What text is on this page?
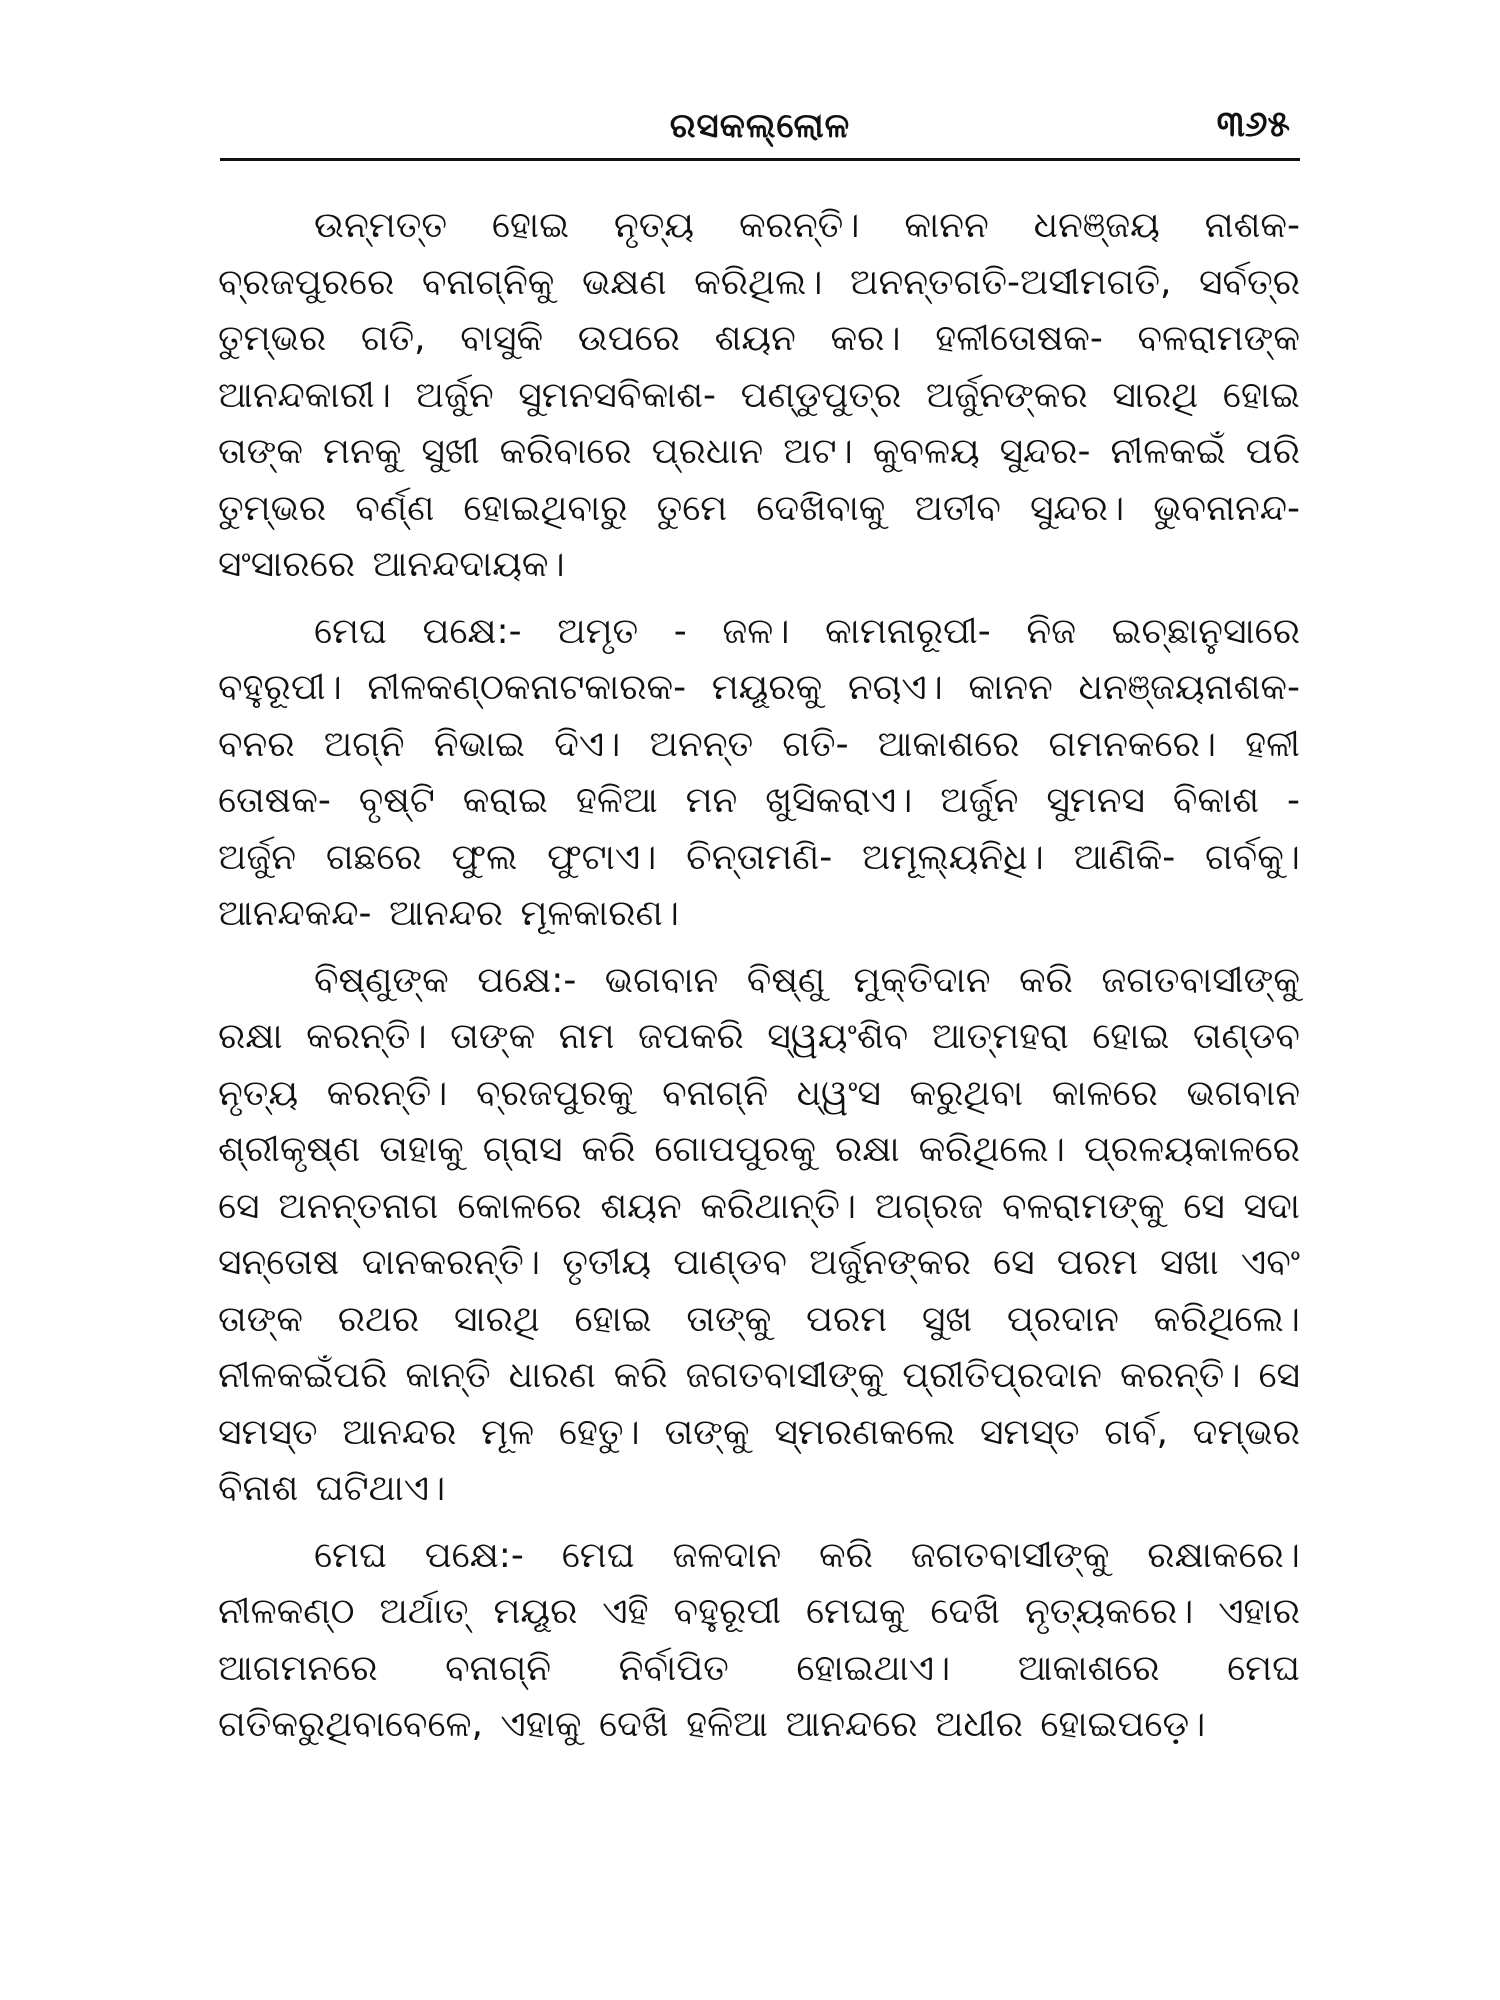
ରସକଲ୍ଲୋଳ	୩୬୫

ଉନ୍ମତ୍ତ ହୋଇ ନୃତ୍ୟ କରନ୍ତି। କାନନ ଧନଞ୍ଜୟ ନାଶକ- ବ୍ରଜପୁରରେ ବନାଗ୍ନିକୁ ଭକ୍ଷଣ କରିଥିଲ। ଅନନ୍ତଗତି-ଅସୀମଗତି, ସର୍ବତ୍ର ତୁମ୍ଭର ଗତି, ବାସୁକି ଉପରେ ଶୟନ କର। ହଳୀତୋଷକ- ବଳରାମଙ୍କ ଆନନ୍ଦକାରୀ। ଅର୍ଜୁନ ସୁମନସବିକାଶ- ପଣ୍ଡୁପୁତ୍ର ଅର୍ଜୁନଙ୍କର ସାରଥି ହୋଇ ତାଙ୍କ ମନକୁ ସୁଖୀ କରିବାରେ ପ୍ରଧାନ ଅଟ। କୁବଳୟ ସୁନ୍ଦର- ନୀଳକଇଁ ପରି ତୁମ୍ଭର ବର୍ଣ୍ଣ ହୋଇଥିବାରୁ ତୁମେ ଦେଖିବାକୁ ଅତୀବ ସୁନ୍ଦର। ଭୁବନାନନ୍ଦ- ସଂସାରରେ ଆନନ୍ଦଦାୟକ।

ମେଘ ପକ୍ଷେ:- ଅମୃତ - ଜଳ। କାମନାରୂପୀ- ନିଜ ଇଚ୍ଛାନୁସାରେ ବହୁରୂପୀ। ନୀଳକଣ୍ଠକନାଟକାରକ- ମୟୂରକୁ ନଚାଏ। କାନନ ଧନଞ୍ଜୟନାଶକ- ବନର ଅଗ୍ନି ନିଭାଇ ଦିଏ। ଅନନ୍ତ ଗତି- ଆକାଶରେ ଗମନକରେ। ହଳୀ ତୋଷକ- ବୃଷ୍ଟି କରାଇ ହଳିଆ ମନ ଖୁସିକରାଏ। ଅର୍ଜୁନ ସୁମନସ ବିକାଶ - ଅର୍ଜୁନ ଗଛରେ ଫୁଲ ଫୁଟାଏ। ଚିନ୍ତାମଣି- ଅମୂଲ୍ୟନିଧି। ଆଣିକି- ଗର୍ବକୁ। ଆନନ୍ଦକନ୍ଦ- ଆନନ୍ଦର ମୂଳକାରଣ।

ବିଷ୍ଣୁଙ୍କ ପକ୍ଷେ:- ଭଗବାନ ବିଷ୍ଣୁ ମୁକ୍ତିଦାନ କରି ଜଗତବାସୀଙ୍କୁ ରକ୍ଷା କରନ୍ତି। ତାଙ୍କ ନାମ ଜପକରି ସ୍ୱୟଂଶିବ ଆତ୍ମହରା ହୋଇ ତାଣ୍ଡବ ନୃତ୍ୟ କରନ୍ତି। ବ୍ରଜପୁରକୁ ବନାଗ୍ନି ଧ୍ୱଂସ କରୁଥିବା କାଳରେ ଭଗବାନ ଶ୍ରୀକୃଷ୍ଣ ତାହାକୁ ଗ୍ରାସ କରି ଗୋପପୁରକୁ ରକ୍ଷା କରିଥିଲେ। ପ୍ରଳୟକାଳରେ ସେ ଅନନ୍ତନାଗ କୋଳରେ ଶୟନ କରିଥାନ୍ତି। ଅଗ୍ରଜ ବଳରାମଙ୍କୁ ସେ ସଦା ସନ୍ତୋଷ ଦାନକରନ୍ତି। ତୃତୀୟ ପାଣ୍ଡବ ଅର୍ଜୁନଙ୍କର ସେ ପରମ ସଖା ଏବଂ ତାଙ୍କ ରଥର ସାରଥି ହୋଇ ତାଙ୍କୁ ପରମ ସୁଖ ପ୍ରଦାନ କରିଥିଲେ। ନୀଳକଇଁପରି କାନ୍ତି ଧାରଣ କରି ଜଗତବାସୀଙ୍କୁ ପ୍ରୀତିପ୍ରଦାନ କରନ୍ତି। ସେ ସମସ୍ତ ଆନନ୍ଦର ମୂଳ ହେତୁ। ତାଙ୍କୁ ସ୍ମରଣକଲେ ସମସ୍ତ ଗର୍ବ, ଦମ୍ଭର ବିନାଶ ଘଟିଥାଏ।

ମେଘ ପକ୍ଷେ:- ମେଘ ଜଳଦାନ କରି ଜଗତବାସୀଙ୍କୁ ରକ୍ଷାକରେ। ନୀଳକଣ୍ଠ ଅର୍ଥାତ୍ ମୟୂର ଏହି ବହୁରୂପୀ ମେଘକୁ ଦେଖି ନୃତ୍ୟକରେ। ଏହାର ଆଗମନରେ ବନାଗ୍ନି ନିର୍ବାପିତ ହୋଇଥାଏ। ଆକାଶରେ ମେଘ ଗତିକରୁଥିବାବେଳେ, ଏହାକୁ ଦେଖି ହଳିଆ ଆନନ୍ଦରେ ଅଧୀର ହୋଇପଡ଼େ।
